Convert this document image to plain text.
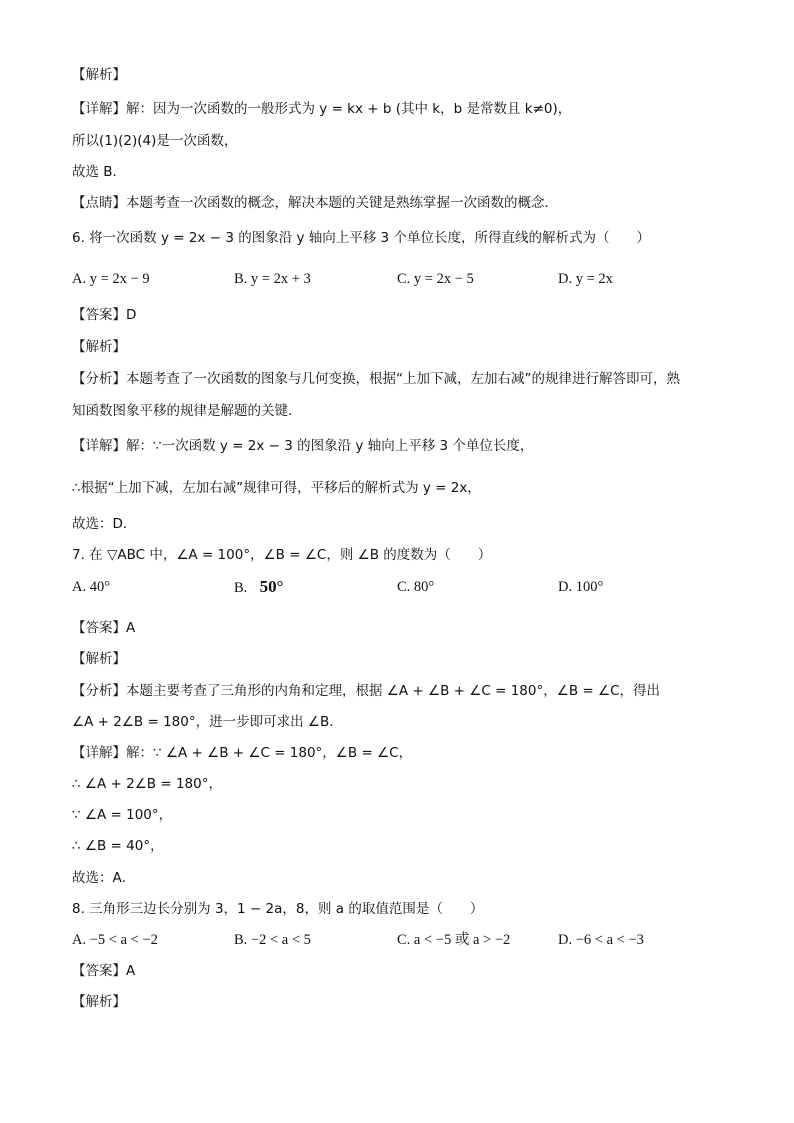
【解析】
【详解】解：因为一次函数的一般形式为 y = kx + b (其中 k，b 是常数且 k≠0)，
所以(1)(2)(4)是一次函数，
故选 B．
【点睛】本题考查一次函数的概念，解决本题的关键是熟练掌握一次函数的概念．
6. 将一次函数 y = 2x − 3 的图象沿 y 轴向上平移 3 个单位长度，所得直线的解析式为（　　）
A. y = 2x − 9	B. y = 2x + 3	C. y = 2x − 5	D. y = 2x
【答案】D
【解析】
【分析】本题考查了一次函数的图象与几何变换，根据“上加下减，左加右减”的规律进行解答即可，熟
知函数图象平移的规律是解题的关键．
【详解】解：∵一次函数 y = 2x − 3 的图象沿 y 轴向上平移 3 个单位长度，
∴根据“上加下减，左加右减”规律可得，平移后的解析式为 y = 2x，
故选：D．
7. 在 ▽ABC 中，∠A = 100°，∠B = ∠C，则 ∠B 的度数为（　　）
A. 40°	B. 50°	C. 80°	D. 100°
【答案】A
【解析】
【分析】本题主要考查了三角形的内角和定理，根据 ∠A + ∠B + ∠C = 180°，∠B = ∠C，得出
∠A + 2∠B = 180°，进一步即可求出 ∠B．
【详解】解：∵ ∠A + ∠B + ∠C = 180°，∠B = ∠C，
∴ ∠A + 2∠B = 180°，
∵ ∠A = 100°，
∴ ∠B = 40°，
故选：A．
8. 三角形三边长分别为 3，1 − 2a，8，则 a 的取值范围是（　　）
A. −5 < a < −2	B. −2 < a < 5	C. a < −5 或 a > −2	D. −6 < a < −3
【答案】A
【解析】
